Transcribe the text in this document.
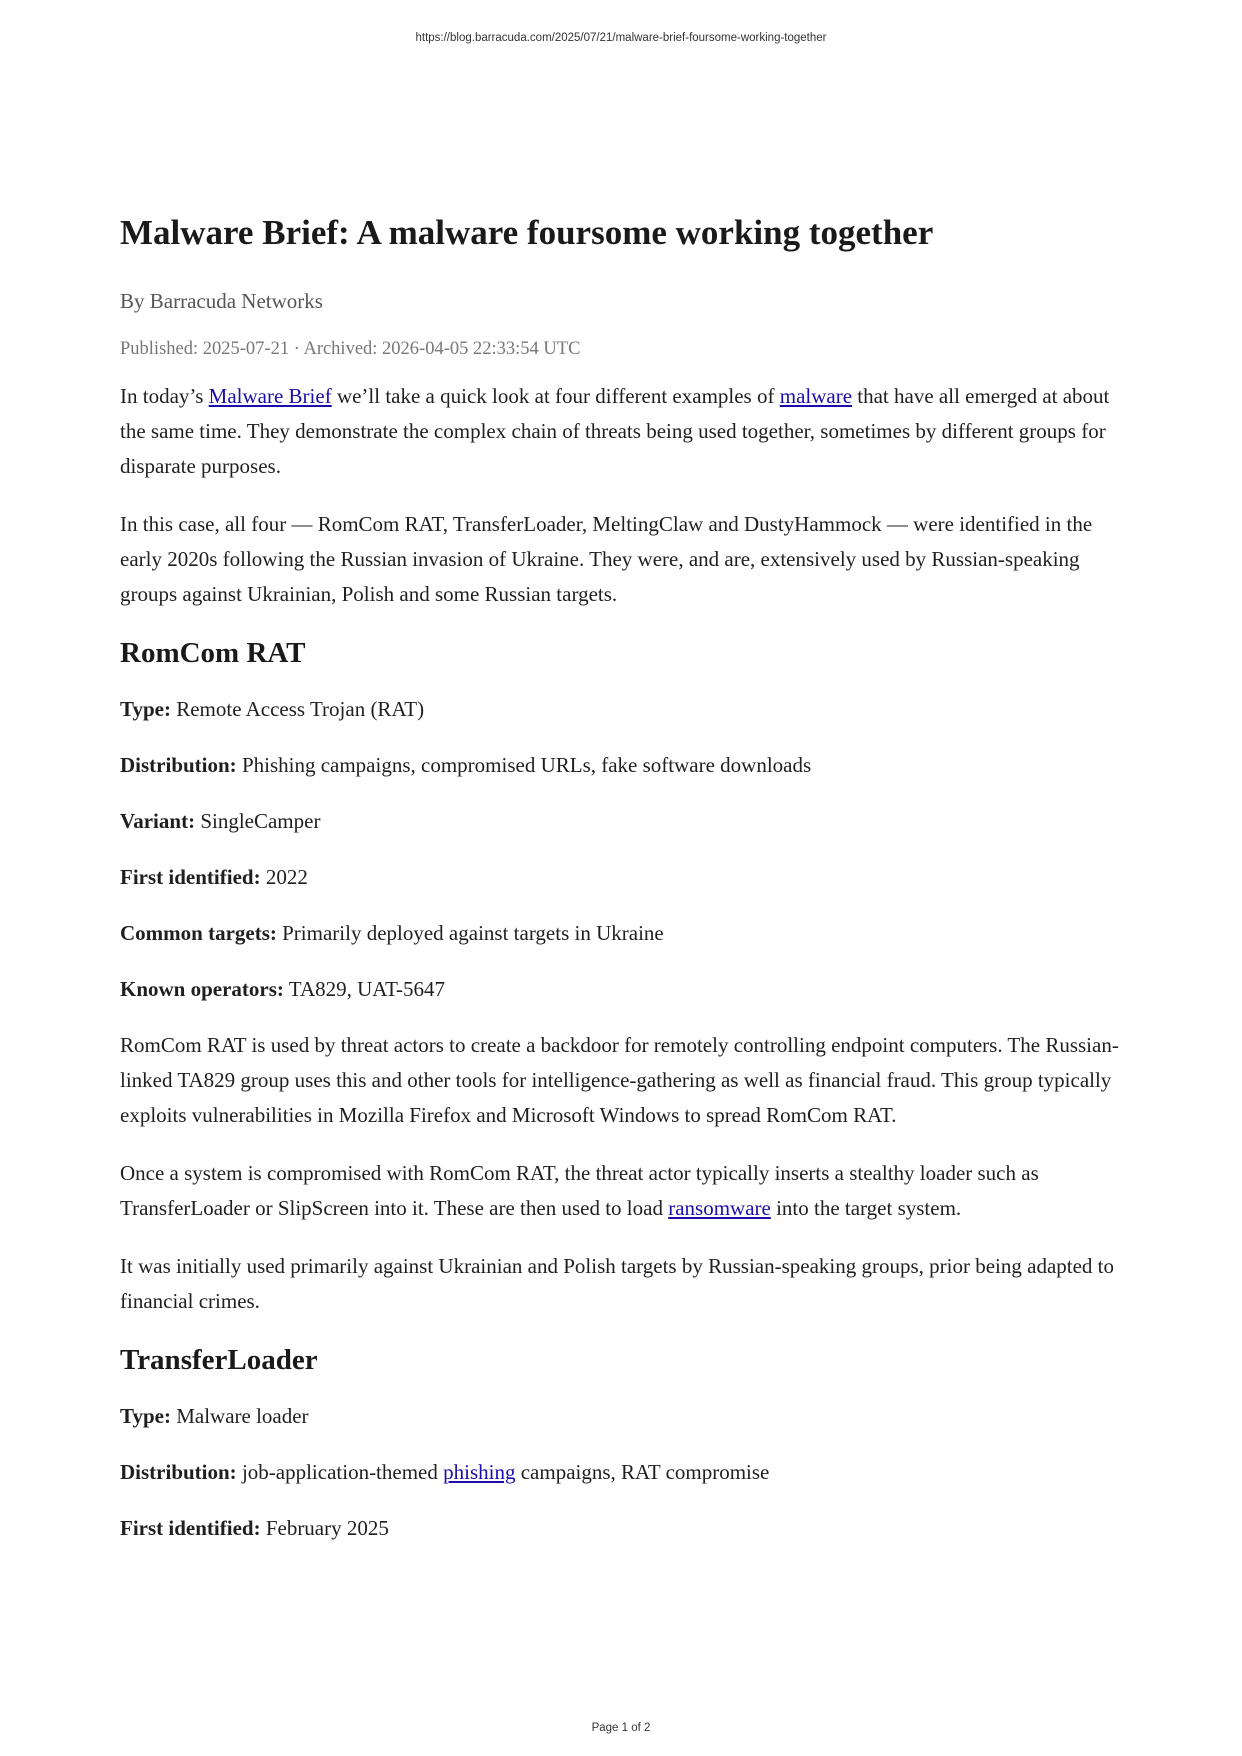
https://blog.barracuda.com/2025/07/21/malware-brief-foursome-working-together
Malware Brief: A malware foursome working together
By Barracuda Networks
Published: 2025-07-21 · Archived: 2026-04-05 22:33:54 UTC

In today’s Malware Brief we’ll take a quick look at four different examples of malware that have all emerged at about the same time. They demonstrate the complex chain of threats being used together, sometimes by different groups for disparate purposes.

In this case, all four — RomCom RAT, TransferLoader, MeltingClaw and DustyHammock — were identified in the early 2020s following the Russian invasion of Ukraine. They were, and are, extensively used by Russian-speaking groups against Ukrainian, Polish and some Russian targets.

RomCom RAT

Type: Remote Access Trojan (RAT)

Distribution: Phishing campaigns, compromised URLs, fake software downloads

Variant: SingleCamper

First identified: 2022

Common targets: Primarily deployed against targets in Ukraine

Known operators: TA829, UAT-5647

RomCom RAT is used by threat actors to create a backdoor for remotely controlling endpoint computers. The Russian-linked TA829 group uses this and other tools for intelligence-gathering as well as financial fraud. This group typically exploits vulnerabilities in Mozilla Firefox and Microsoft Windows to spread RomCom RAT.

Once a system is compromised with RomCom RAT, the threat actor typically inserts a stealthy loader such as TransferLoader or SlipScreen into it. These are then used to load ransomware into the target system.

It was initially used primarily against Ukrainian and Polish targets by Russian-speaking groups, prior being adapted to financial crimes.

TransferLoader

Type: Malware loader

Distribution: job-application-themed phishing campaigns, RAT compromise

First identified: February 2025

Page 1 of 2
